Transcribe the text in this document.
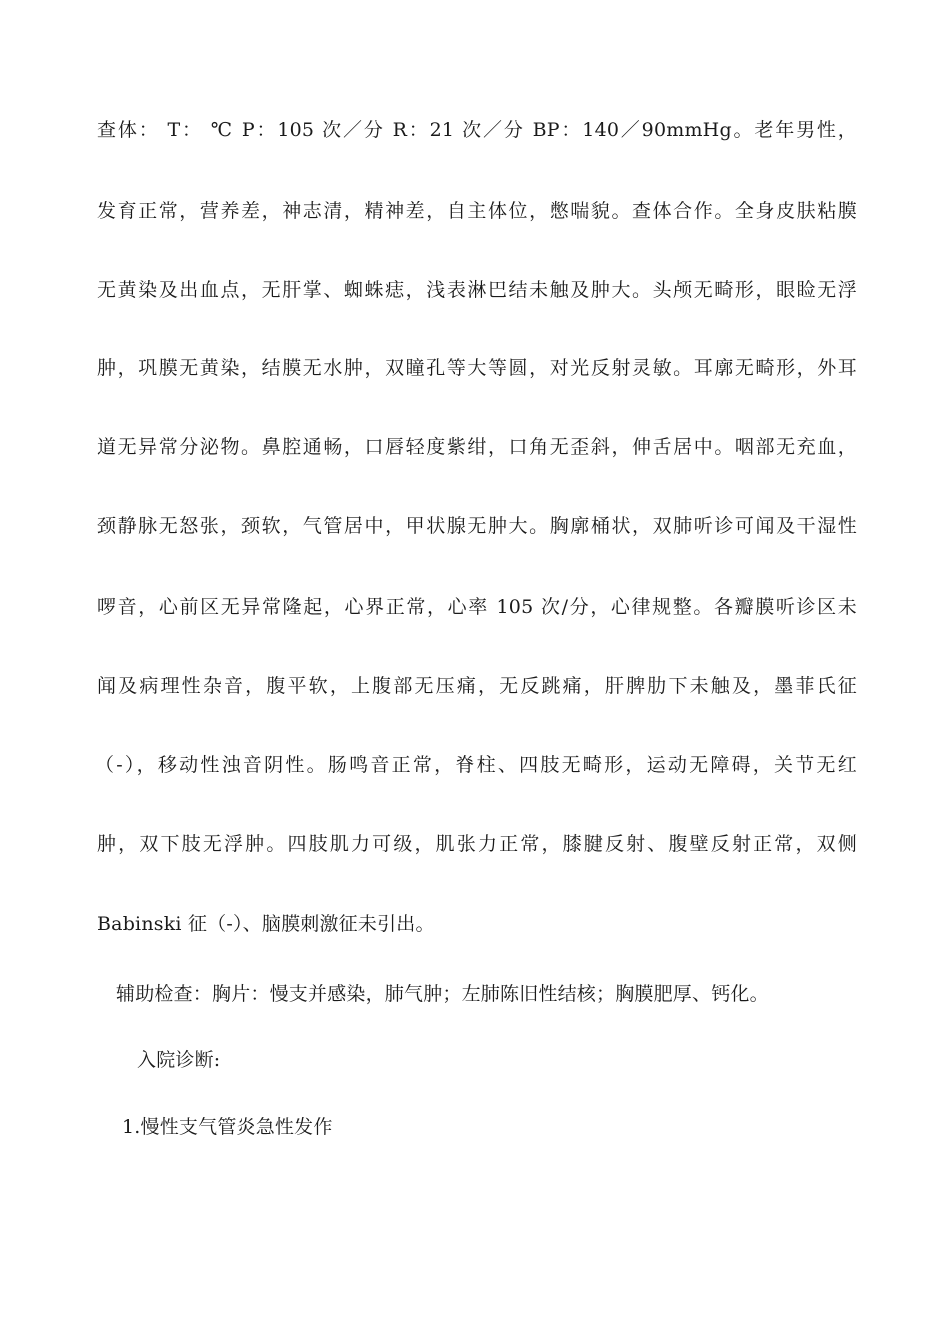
查体： T： ℃ P：105 次／分 R：21 次／分 BP：140／90mmHg。老年男性，
发育正常，营养差，神志清，精神差，自主体位，憋喘貌。查体合作。全身皮肤粘膜
无黄染及出血点，无肝掌、蜘蛛痣，浅表淋巴结未触及肿大。头颅无畸形，眼睑无浮
肿，巩膜无黄染，结膜无水肿，双瞳孔等大等圆，对光反射灵敏。耳廓无畸形，外耳
道无异常分泌物。鼻腔通畅，口唇轻度紫绀，口角无歪斜，伸舌居中。咽部无充血，
颈静脉无怒张，颈软，气管居中，甲状腺无肿大。胸廓桶状，双肺听诊可闻及干湿性
啰音，心前区无异常隆起，心界正常，心率 105 次/分，心律规整。各瓣膜听诊区未
闻及病理性杂音，腹平软，上腹部无压痛，无反跳痛，肝脾肋下未触及，墨菲氏征
（-），移动性浊音阴性。肠鸣音正常，脊柱、四肢无畸形，运动无障碍，关节无红
肿，双下肢无浮肿。四肢肌力可级，肌张力正常，膝腱反射、腹壁反射正常，双侧
Babinski 征（-）、脑膜刺激征未引出。
辅助检查：胸片：慢支并感染，肺气肿；左肺陈旧性结核；胸膜肥厚、钙化。
入院诊断:
1.慢性支气管炎急性发作
